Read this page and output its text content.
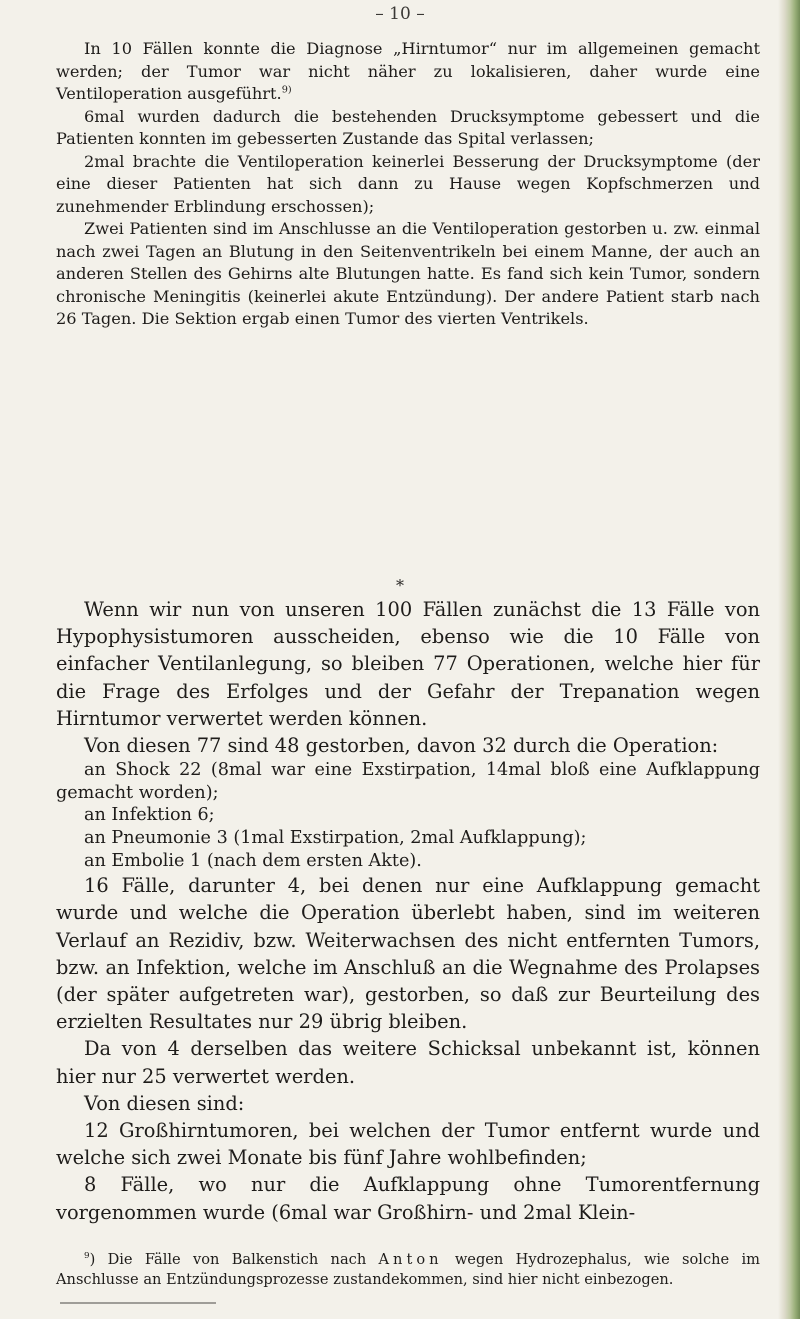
– 10 –

In 10 Fällen konnte die Diagnose „Hirntumor“ nur im allgemeinen gemacht werden; der Tumor war nicht näher zu lokalisieren, daher wurde eine Ventiloperation ausgeführt.$^{9)}$

6mal wurden dadurch die bestehenden Drucksymptome gebessert und die Patienten konnten im gebesserten Zustande das Spital verlassen;

2mal brachte die Ventiloperation keinerlei Besserung der Drucksymptome (der eine dieser Patienten hat sich dann zu Hause wegen Kopfschmerzen und zunehmender Erblindung erschossen);

Zwei Patienten sind im Anschlusse an die Ventiloperation gestorben u. zw. einmal nach zwei Tagen an Blutung in den Seitenventrikeln bei einem Manne, der auch an anderen Stellen des Gehirns alte Blutungen hatte. Es fand sich kein Tumor, sondern chronische Meningitis (keinerlei akute Entzündung). Der andere Patient starb nach 26 Tagen. Die Sektion ergab einen Tumor des vierten Ventrikels.

*

Wenn wir nun von unseren 100 Fällen zunächst die 13 Fälle von Hypophysistumoren ausscheiden, ebenso wie die 10 Fälle von einfacher Ventilanlegung, so bleiben 77 Operationen, welche hier für die Frage des Erfolges und der Gefahr der Trepanation wegen Hirntumor verwertet werden können.

Von diesen 77 sind 48 gestorben, davon 32 durch die Operation:

an Shock 22 (8mal war eine Exstirpation, 14mal bloß eine Aufklappung gemacht worden);

an Infektion 6;

an Pneumonie 3 (1mal Exstirpation, 2mal Aufklappung);

an Embolie 1 (nach dem ersten Akte).

16 Fälle, darunter 4, bei denen nur eine Aufklappung gemacht wurde und welche die Operation überlebt haben, sind im weiteren Verlauf an Rezidiv, bzw. Weiterwachsen des nicht entfernten Tumors, bzw. an Infektion, welche im Anschluß an die Wegnahme des Prolapses (der später aufgetreten war), gestorben, so daß zur Beurteilung des erzielten Resultates nur 29 übrig bleiben.

Da von 4 derselben das weitere Schicksal unbekannt ist, können hier nur 25 verwertet werden.

Von diesen sind:

12 Großhirntumoren, bei welchen der Tumor entfernt wurde und welche sich zwei Monate bis fünf Jahre wohlbefinden;

8 Fälle, wo nur die Aufklappung ohne Tumorentfernung vorgenommen wurde (6mal war Großhirn- und 2mal Klein-

$^9$) Die Fälle von Balkenstich nach Anton wegen Hydrozephalus, wie solche im Anschlusse an Entzündungsprozesse zustandekommen, sind hier nicht einbezogen.
